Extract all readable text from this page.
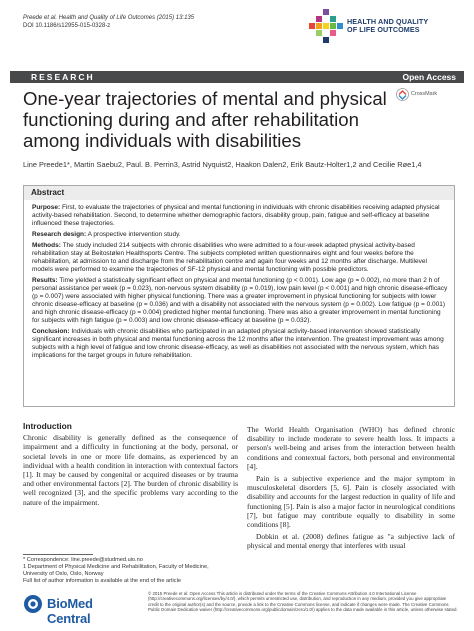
Preede et al. Health and Quality of Life Outcomes (2015) 13:135
DOI 10.1186/s12955-015-0328-z	HEALTH AND QUALITY
OF LIFE OUTCOMES
RESEARCH	Open Access
One-year trajectories of mental and physical functioning during and after rehabilitation among individuals with disabilities
CrossMark
Line Preede1*, Martin Saebu2, Paul. B. Perrin3, Astrid Nyquist2, Haakon Dalen2, Erik Bautz-Holter1,2 and Cecilie Røe1,4
Abstract

Purpose: First, to evaluate the trajectories of physical and mental functioning in individuals with chronic disabilities receiving adapted physical activity-based rehabilitation. Second, to determine whether demographic factors, disability group, pain, fatigue and self-efficacy at baseline influenced these trajectories.

Research design: A prospective intervention study.

Methods: The study included 214 subjects with chronic disabilities who were admitted to a four-week adapted physical activity-based rehabilitation stay at Beitostølen Healthsports Centre. The subjects completed written questionnaires eight and four weeks before the rehabilitation, at admission to and discharge from the rehabilitation centre and again four weeks and 12 months after discharge. Multilevel models were performed to examine the trajectories of SF-12 physical and mental functioning with possible predictors.

Results: Time yielded a statistically significant effect on physical and mental functioning (p < 0.001). Low age (p = 0.002), no more than 2 h of personal assistance per week (p = 0.023), non-nervous system disability (p = 0.019), low pain level (p < 0.001) and high chronic disease-efficacy (p = 0.007) were associated with higher physical functioning. There was a greater improvement in physical functioning for subjects with lower chronic disease-efficacy at baseline (p = 0.036) and with a disability not associated with the nervous system (p = 0.002). Low fatigue (p = 0.001) and high chronic disease-efficacy (p = 0.004) predicted higher mental functioning. There was also a greater improvement in mental functioning for subjects with high fatigue (p = 0.003) and low chronic disease-efficacy at baseline (p = 0.032).

Conclusion: Individuals with chronic disabilities who participated in an adapted physical activity-based intervention showed statistically significant increases in both physical and mental functioning across the 12 months after the intervention. The greatest improvement was among subjects with a high level of fatigue and low chronic disease-efficacy, as well as disabilities not associated with the nervous system, which has implications for the target groups in future rehabilitation.

Introduction

Chronic disability is generally defined as the consequence of impairment and a difficulty in functioning at the body, personal, or societal levels in one or more life domains, as experienced by an individual with a health condition in interaction with contextual factors [1]. It may be caused by congenital or acquired diseases or by trauma and other environmental factors [2]. The burden of chronic disability is well recognized [3], and the specific problems vary according to the nature of the impairment.

The World Health Organisation (WHO) has defined chronic disability to include moderate to severe health loss. It impacts a person's well-being and arises from the interaction between health conditions and contextual factors, both personal and environmental [4].

Pain is a subjective experience and the major symptom in musculoskeletal disorders [5, 6]. Pain is closely associated with disability and accounts for the largest reduction in quality of life and functioning [5]. Pain is also a major factor in neurological conditions [7], but fatigue may contribute equally to disability in some conditions [8].

Dobkin et al. (2008) defines fatigue as "a subjective lack of physical and mental energy that interferes with usual

* Correspondence: line.preede@studmed.uio.no
1 Department of Physical Medicine and Rehabilitation, Faculty of Medicine,
University of Oslo, Oslo, Norway
Full list of author information is available at the end of the article
BioMed Central
© 2015 Preede et al. Open Access This article is distributed under the terms of the Creative Commons Attribution 4.0 International License (http://creativecommons.org/licenses/by/4.0/), which permits unrestricted use, distribution, and reproduction in any medium, provided you give appropriate credit to the original author(s) and the source, provide a link to the Creative Commons license, and indicate if changes were made. The Creative Commons Public Domain Dedication waiver (http://creativecommons.org/publicdomain/zero/1.0/) applies to the data made available in this article, unless otherwise stated.
